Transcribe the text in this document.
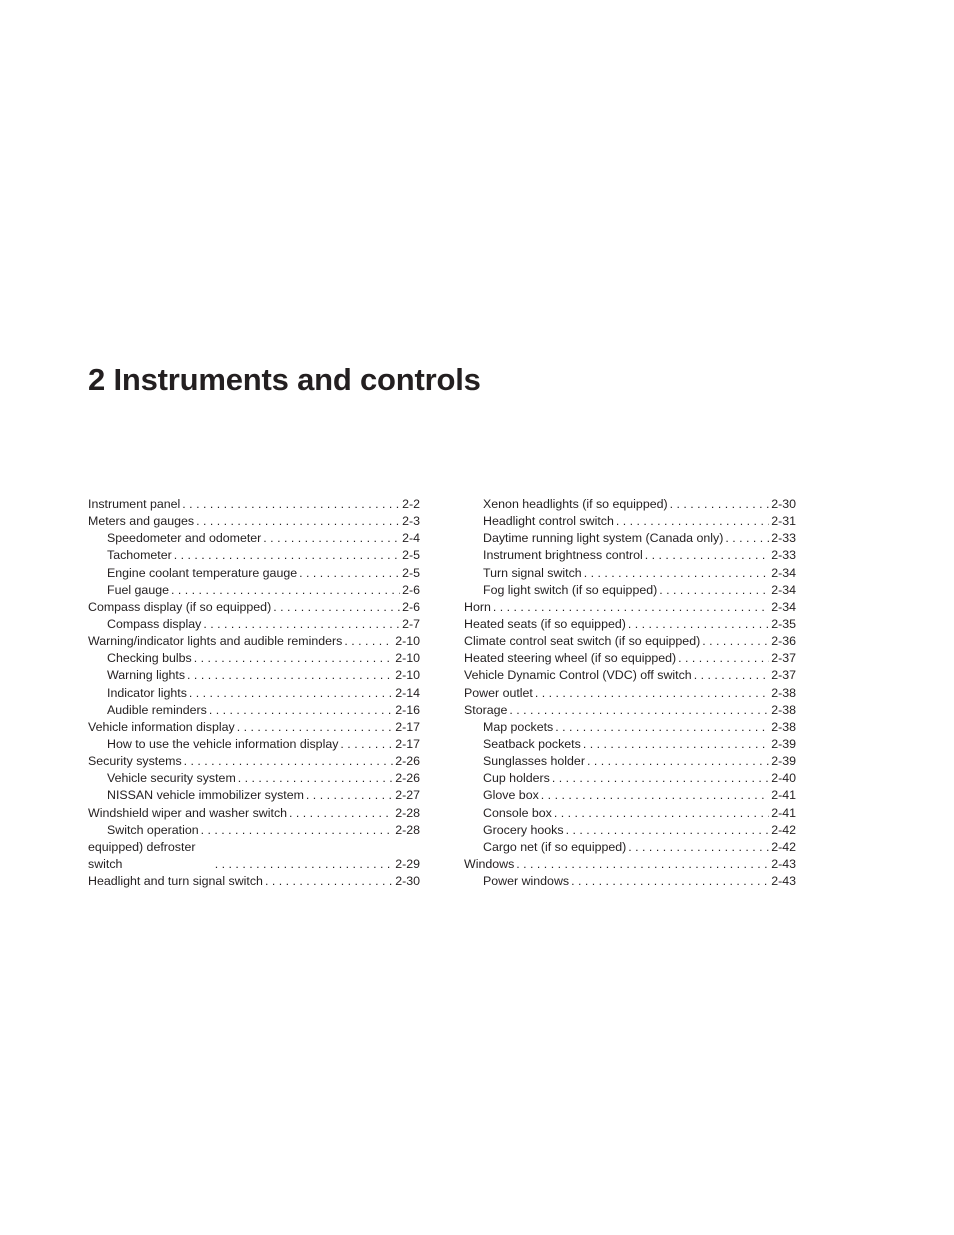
2 Instruments and controls
Instrument panel . . .	2-2
Meters and gauges . . .	2-3
Speedometer and odometer . . .	2-4
Tachometer . . .	2-5
Engine coolant temperature gauge . . .	2-5
Fuel gauge . . .	2-6
Compass display (if so equipped) . . .	2-6
Compass display . . .	2-7
Warning/indicator lights and audible reminders . . .	2-10
Checking bulbs . . .	2-10
Warning lights . . .	2-10
Indicator lights . . .	2-14
Audible reminders . . .	2-16
Vehicle information display . . .	2-17
How to use the vehicle information display . . .	2-17
Security systems . . .	2-26
Vehicle security system . . .	2-26
NISSAN vehicle immobilizer system . . .	2-27
Windshield wiper and washer switch . . .	2-28
Switch operation . . .	2-28
equipped) defroster switch . . .	2-29
Headlight and turn signal switch . . .	2-30
Xenon headlights (if so equipped) . . .	2-30
Headlight control switch . . .	2-31
Daytime running light system (Canada only) . . .	2-33
Instrument brightness control . . .	2-33
Turn signal switch . . .	2-34
Fog light switch (if so equipped) . . .	2-34
Horn . . .	2-34
Heated seats (if so equipped) . . .	2-35
Climate control seat switch (if so equipped) . . .	2-36
Heated steering wheel (if so equipped) . . .	2-37
Vehicle Dynamic Control (VDC) off switch . . .	2-37
Power outlet . . .	2-38
Storage . . .	2-38
Map pockets . . .	2-38
Seatback pockets . . .	2-39
Sunglasses holder . . .	2-39
Cup holders . . .	2-40
Glove box . . .	2-41
Console box . . .	2-41
Grocery hooks . . .	2-42
Cargo net (if so equipped) . . .	2-42
Windows . . .	2-43
Power windows . . .	2-43
